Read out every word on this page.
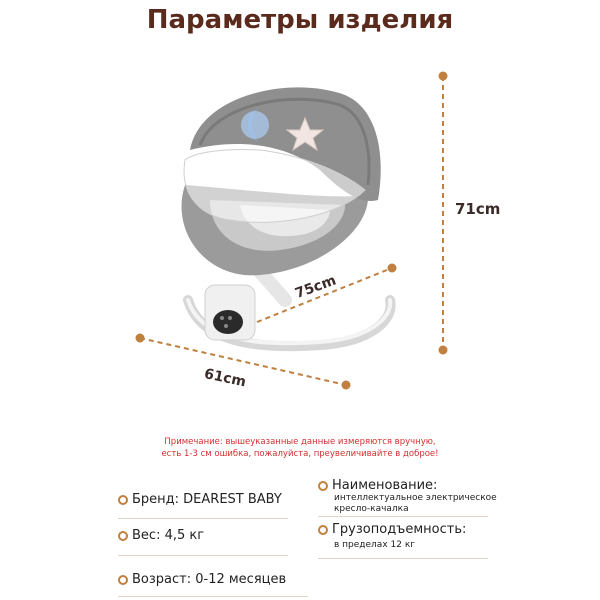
Параметры изделия
71cm
75cm
61cm
Примечание: вышеуказанные данные измеряются вручную,
есть 1-3 см ошибка, пожалуйста, преувеличивайте в доброе!
Бренд: DEAREST BABY
Наименование:
интеллектуальное электрическое
кресло-качалка
Вес: 4,5 кг	Грузоподъемность:
в пределах 12 кг
Возраст: 0-12 месяцев
